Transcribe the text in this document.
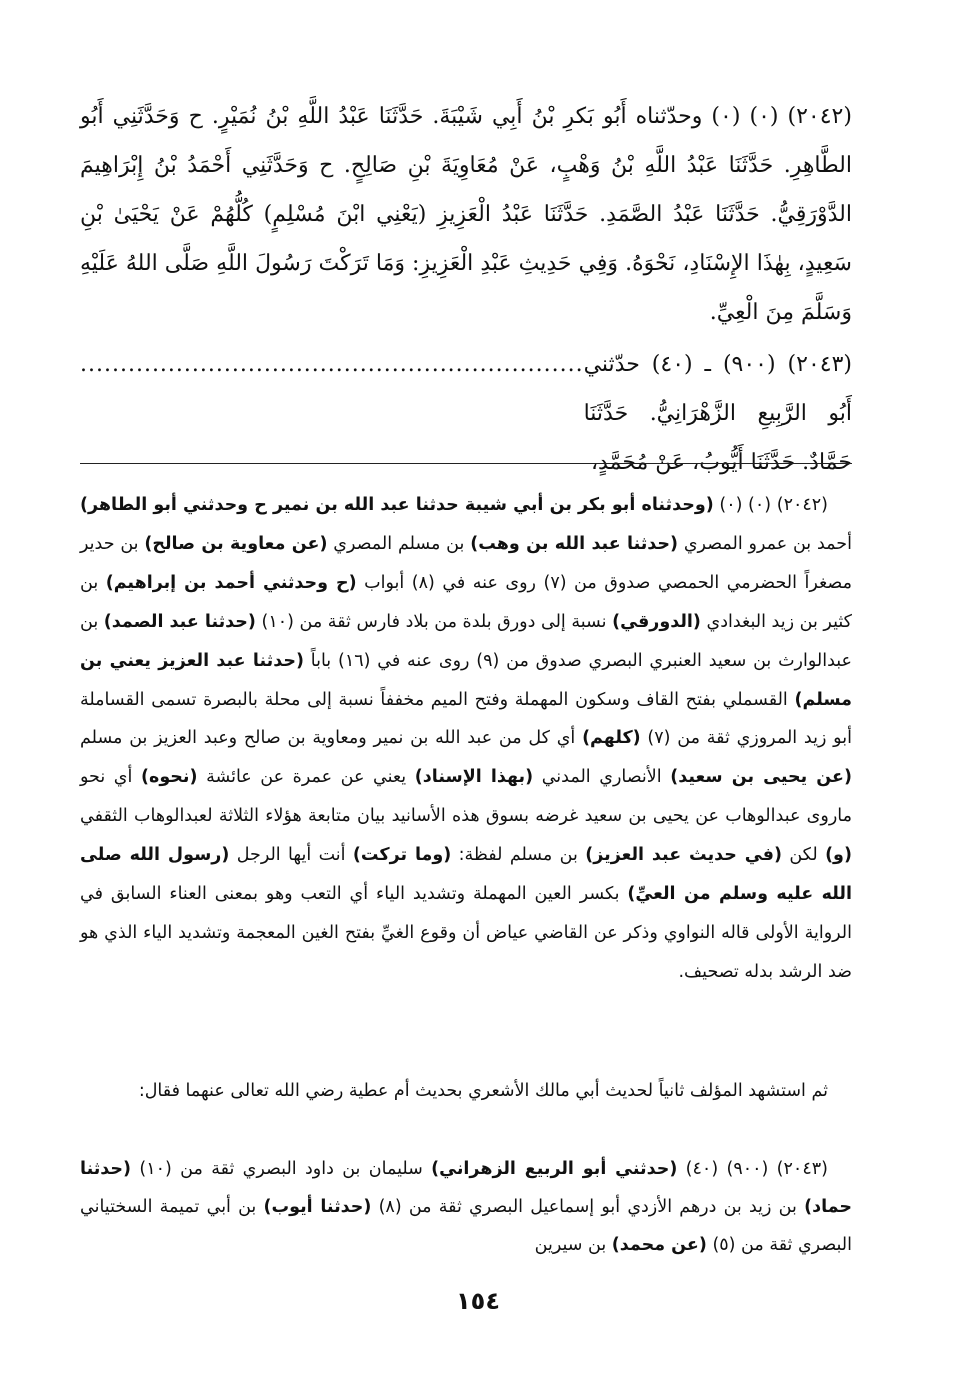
(٢٠٤٢) (٠) (٠) وحدّثناه أَبُو بَكرِ بْنُ أَبِي شَيْبَةَ. حَدَّثَنَا عَبْدُ اللَّهِ بْنُ نُمَيْرٍ. ح وَحَدَّثَنِي أَبُو الطَّاهِرِ. حَدَّثَنَا عَبْدُ اللَّهِ بْنُ وَهْبٍ، عَنْ مُعَاوِيَةَ بْنِ صَالِحٍ. ح وَحَدَّثَنِي أَحْمَدُ بْنُ إِبْرَاهِيمَ الدَّوْرَقِيُّ. حَدَّثَنَا عَبْدُ الصَّمَدِ. حَدَّثَنَا عَبْدُ الْعَزِيزِ (يَعْنِي ابْنَ مُسْلِمٍ) كُلُّهُمْ عَنْ يَحْيَىٰ بْنِ سَعِيدٍ، بِهٰذَا الإِسْنَادِ، نَحْوَهُ. وَفِي حَدِيثِ عَبْدِ الْعَزِيزِ: وَمَا تَرَكْتَ رَسُولَ اللَّهِ صَلَّى اللهُ عَلَيْهِ وَسَلَّمَ مِنَ الْعِيِّ.

(٢٠٤٣) (٩٠٠) ـ (٤٠) حدّثني أَبُو الرَّبِيعِ الزَّهْرَانِيُّ. حَدَّثَنَا حَمَّادٌ. حَدَّثَنَا أَيُّوبُ، عَنْ مُحَمَّدٍ،
...............................................................

(٢٠٤٢) (٠) (٠) (وحدثناه أبو بكر بن أبي شيبة حدثنا عبد الله بن نمير ح وحدثني أبو الطاهر) أحمد بن عمرو المصري (حدثنا عبد الله بن وهب) بن مسلم المصري (عن معاوية بن صالح) بن حدير مصغراً الحضرمي الحمصي صدوق من (٧) روى عنه في (٨) أبواب (ح وحدثني أحمد بن إبراهيم) بن كثير بن زيد البغدادي (الدورقي) نسبة إلى دورق بلدة من بلاد فارس ثقة من (١٠) (حدثنا عبد الصمد) بن عبدالوارث بن سعيد العنبري البصري صدوق من (٩) روى عنه في (١٦) باباً (حدثنا عبد العزيز يعني بن مسلم) القسملي بفتح القاف وسكون المهملة وفتح الميم مخففاً نسبة إلى محلة بالبصرة تسمى القساملة أبو زيد المروزي ثقة من (٧) (كلهم) أي كل من عبد الله بن نمير ومعاوية بن صالح وعبد العزيز بن مسلم (عن يحيى بن سعيد) الأنصاري المدني (بهذا الإسناد) يعني عن عمرة عن عائشة (نحوه) أي نحو ماروى عبدالوهاب عن يحيى بن سعيد غرضه بسوق هذه الأسانيد بيان متابعة هؤلاء الثلاثة لعبدالوهاب الثقفي (و) لكن (في حديث عبد العزيز) بن مسلم لفظة: (وما تركت) أنت أيها الرجل (رسول الله صلى الله عليه وسلم من العيِّ) بكسر العين المهملة وتشديد الياء أي التعب وهو بمعنى العناء السابق في الرواية الأولى قاله النواوي وذكر عن القاضي عياض أن وقوع الغيِّ بفتح الغين المعجمة وتشديد الياء الذي هو ضد الرشد بدله تصحيف.

ثم استشهد المؤلف ثانياً لحديث أبي مالك الأشعري بحديث أم عطية رضي الله تعالى عنهما فقال:

(٢٠٤٣) (٩٠٠) (٤٠) (حدثني أبو الربيع الزهراني) سليمان بن داود البصري ثقة من (١٠) (حدثنا حماد) بن زيد بن درهم الأزدي أبو إسماعيل البصري ثقة من (٨) (حدثنا أيوب) بن أبي تميمة السختياني البصري ثقة من (٥) (عن محمد) بن سيرين

١٥٤
